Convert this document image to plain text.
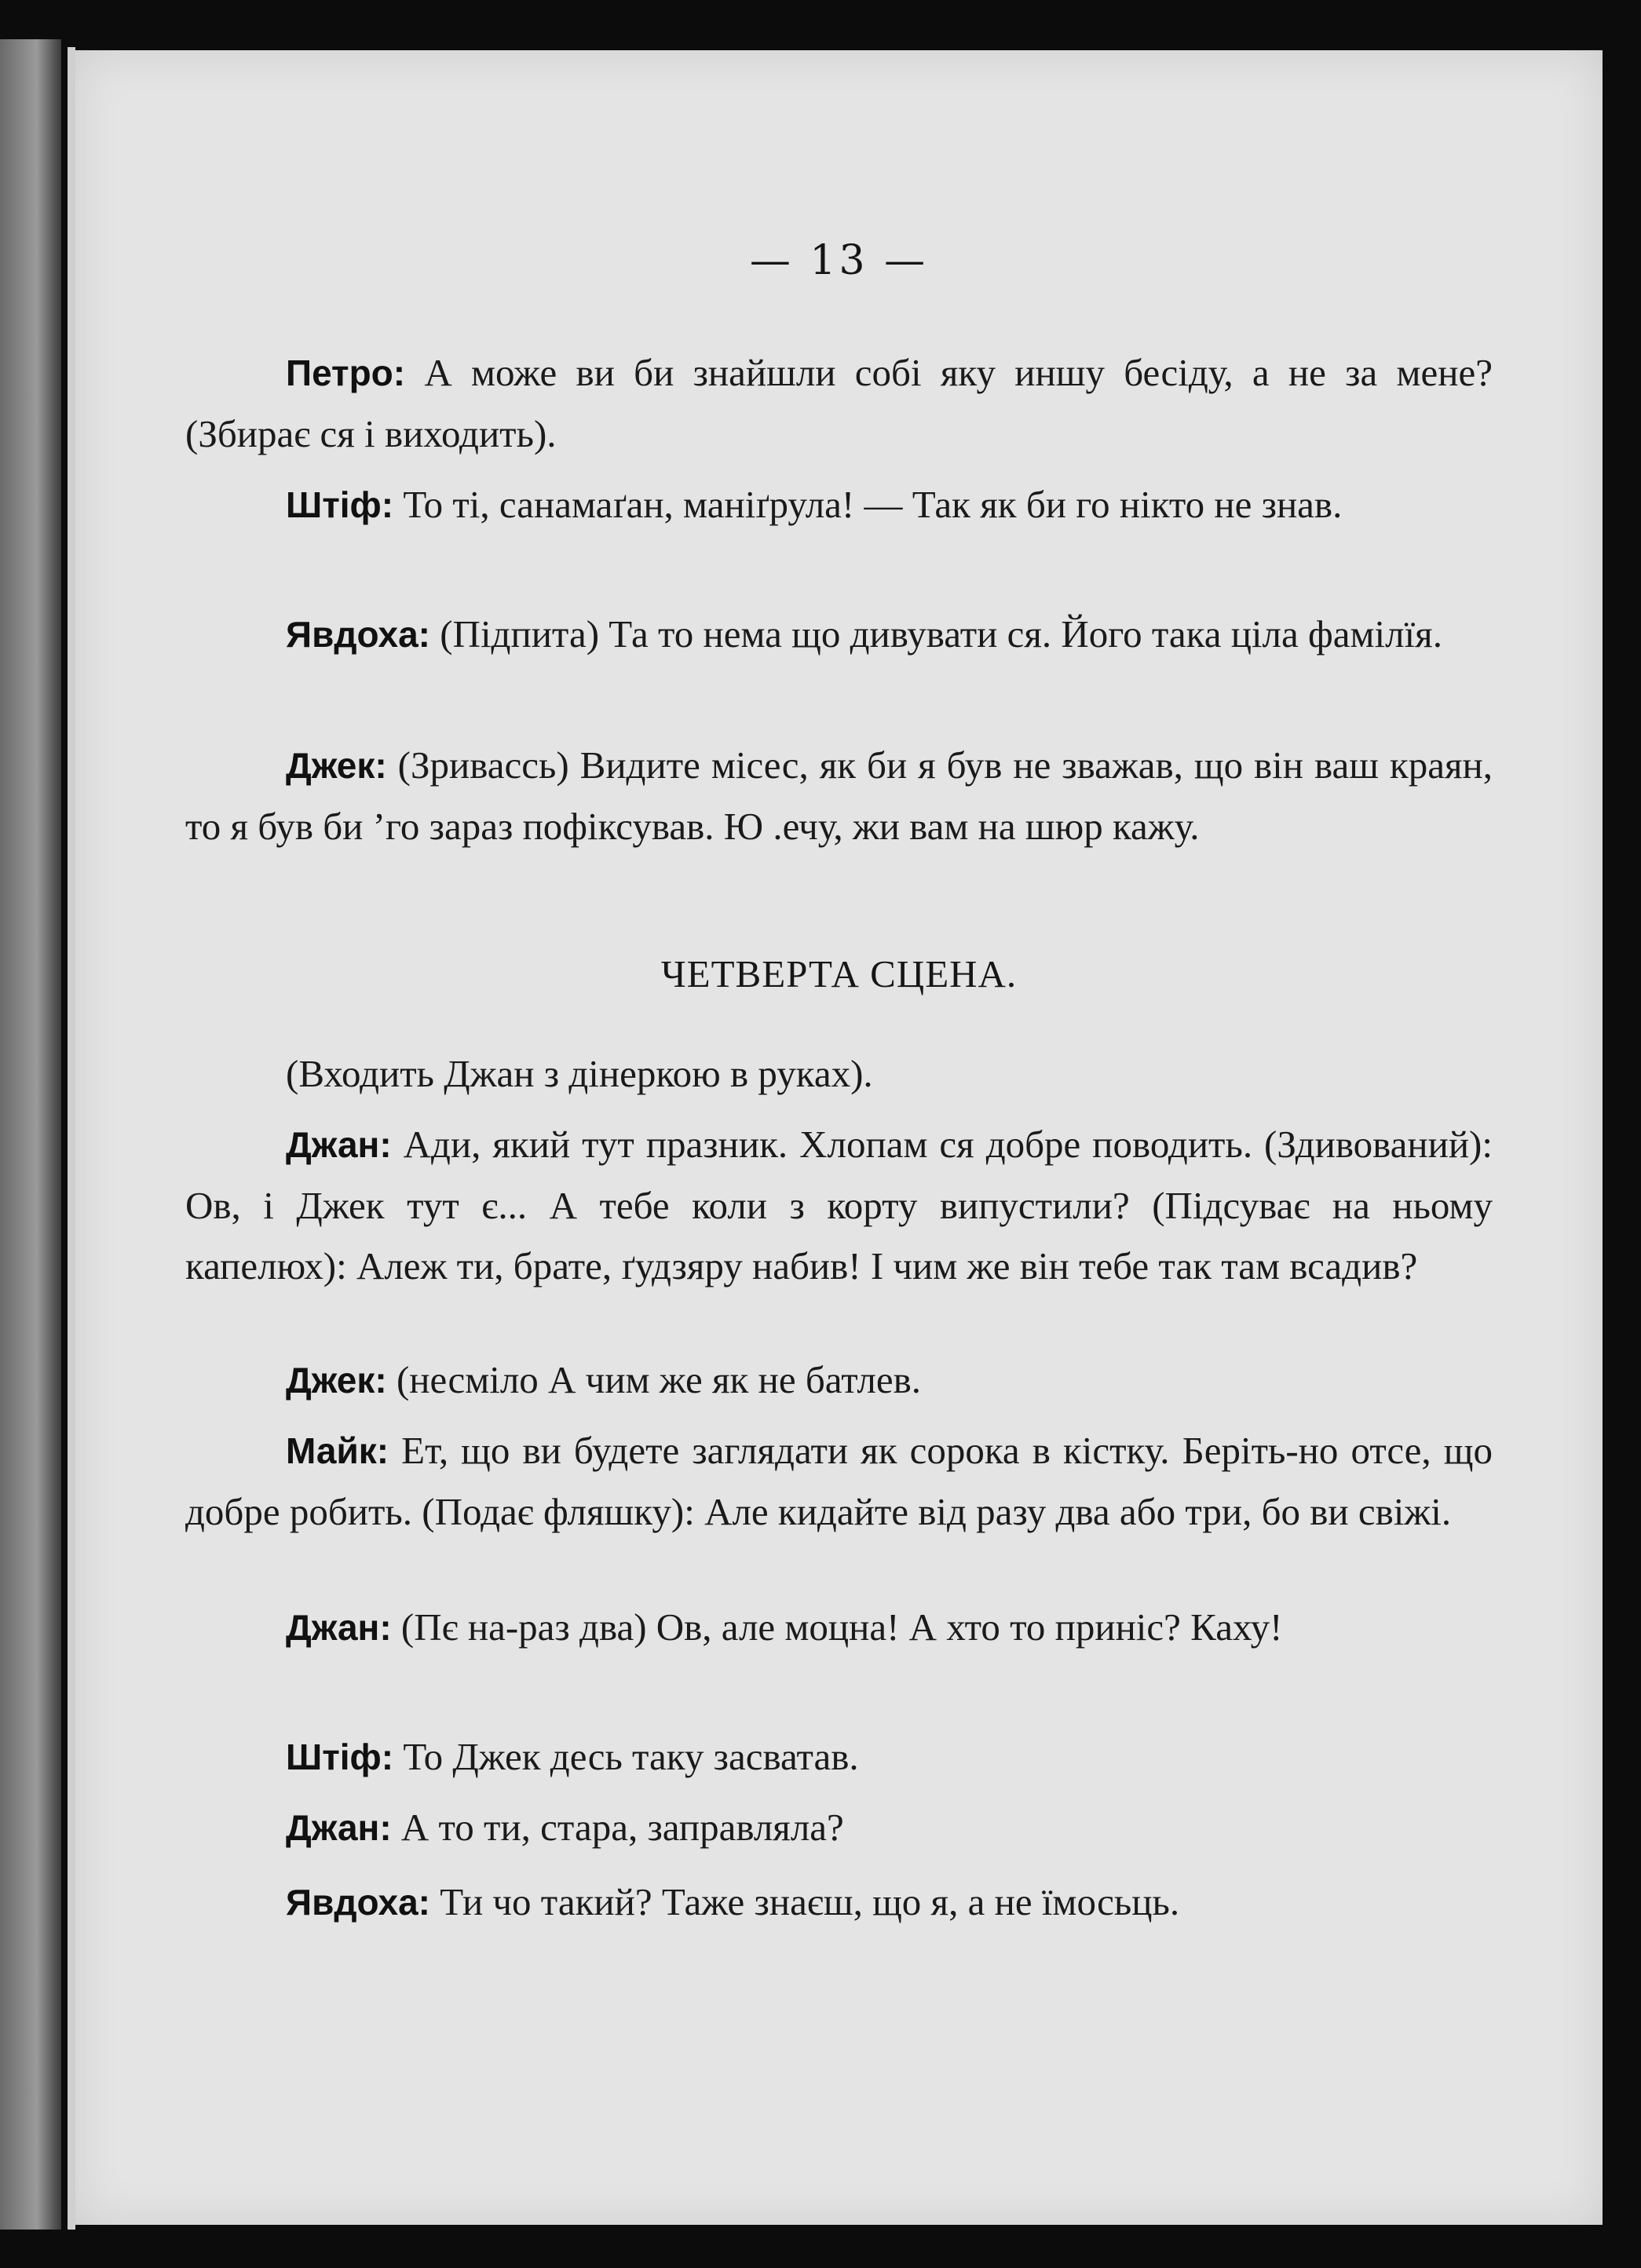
— 13 —

Петро: А може ви би знайшли собі яку иншу бесіду, а не за мене? (Збирає ся і виходить).

Штіф: То ті, санамаґан, маніґрула! — Так як би го нікто не знав.

Явдоха: (Підпита) Та то нема що дивувати ся. Його така ціла фамілїя.

Джек: (Зривассь) Видите місес, як би я був не зважав, що він ваш краян, то я був би ’го зараз пофіксував. Ю .ечу, жи вам на шюр кажу.

ЧЕТВЕРТА СЦЕНА.

(Входить Джан з дінеркою в руках).

Джан: Ади, який тут празник. Хлопам ся добре поводить. (Здивований): Ов, і Джек тут є... А тебе коли з корту випустили? (Підсуває на ньому капелюх): Алеж ти, брате, ґудзяру набив! І чим же він тебе так там всадив?

Джек: (несміло А чим же як не батлев.

Майк: Ет, що ви будете заглядати як сорока в кістку. Беріть-но отсе, що добре робить. (Подає фляшку): Але кидайте від разу два або три, бо ви свіжі.

Джан: (Пє на-раз два) Ов, але моцна! А хто то приніс? Каху!

Штіф: То Джек десь таку засватав.

Джан: А то ти, стара, заправляла?

Явдоха: Ти чо такий? Таже знаєш, що я, а не їмосьць.
